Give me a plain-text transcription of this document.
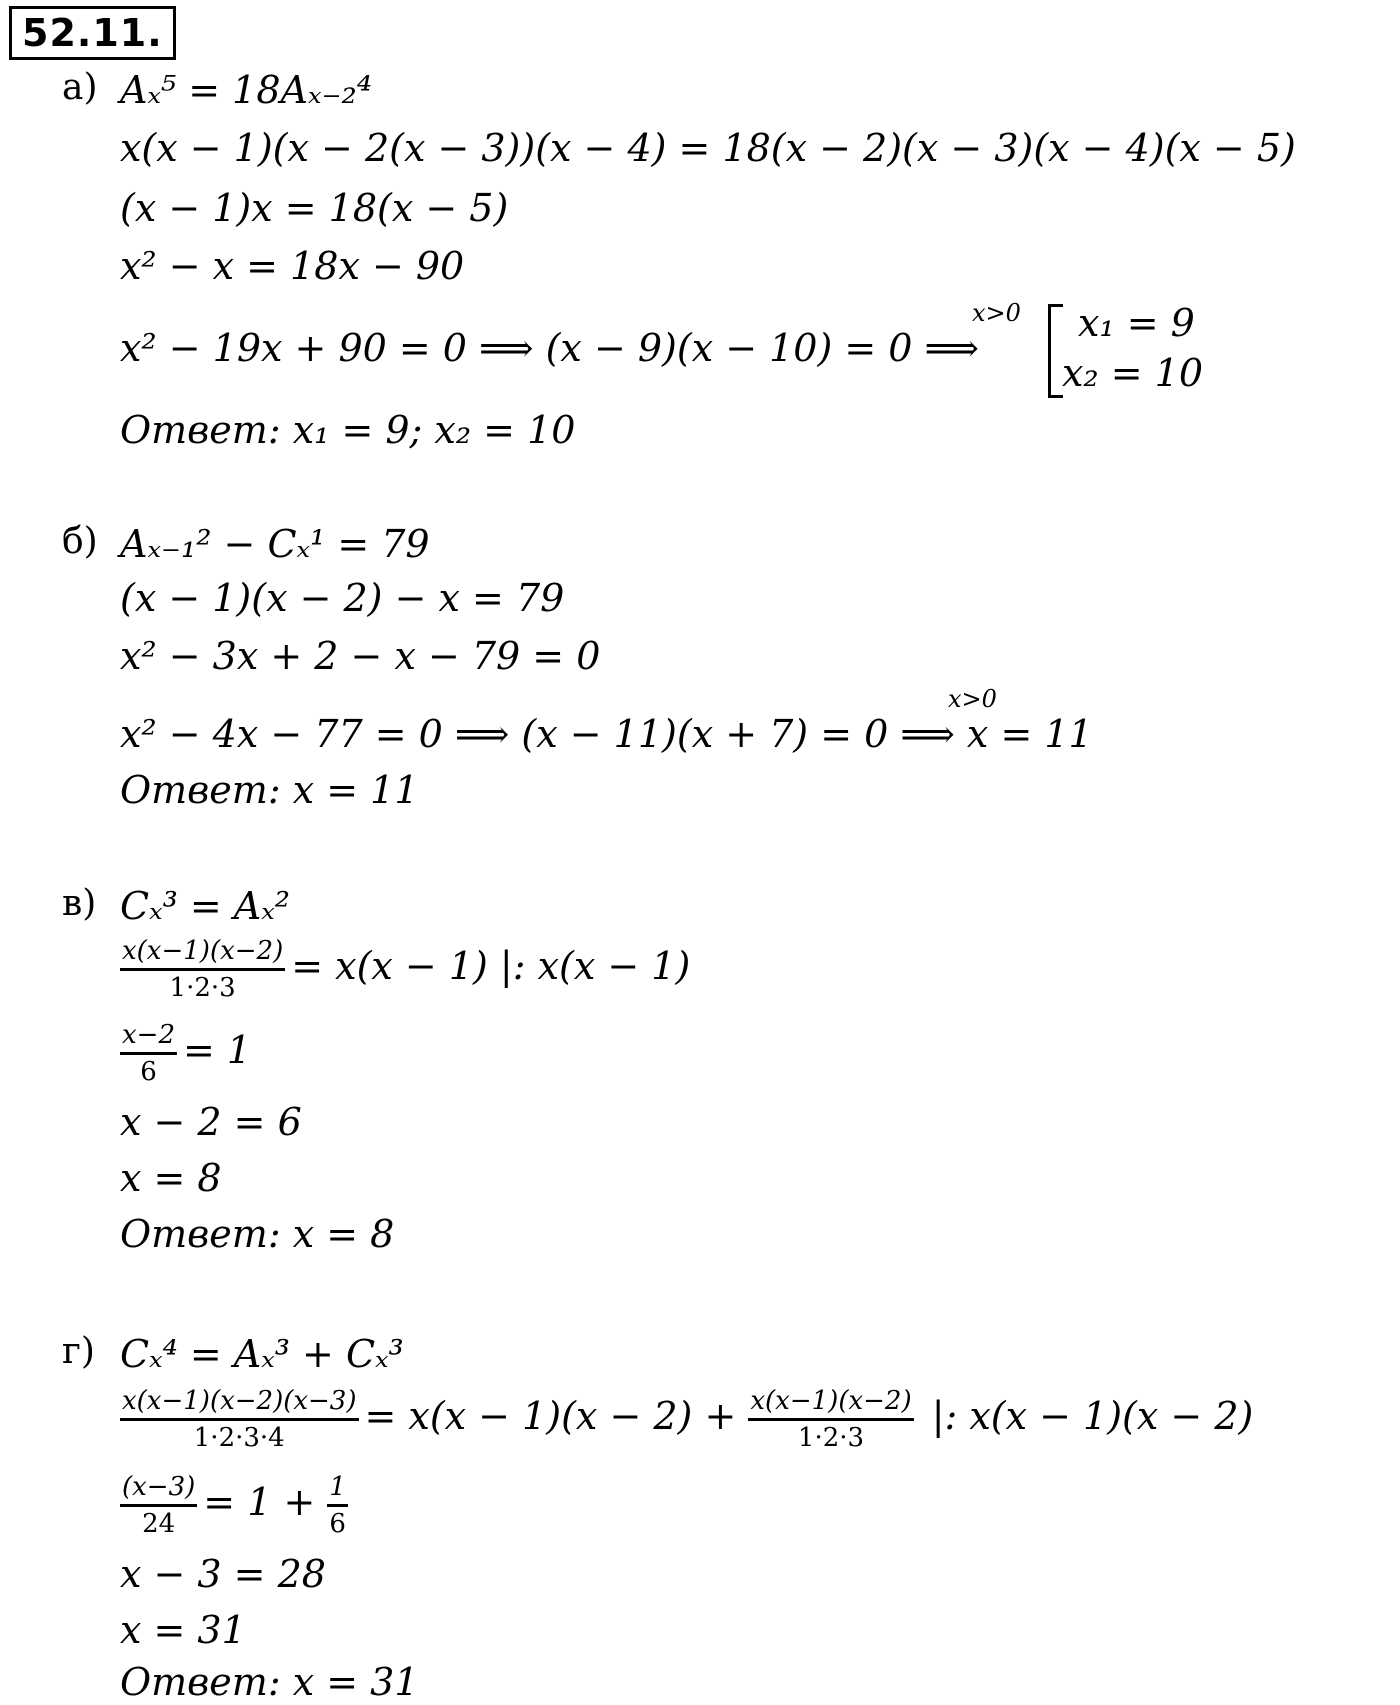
52.11.
а) Aₓ⁵ = 18Aₓ₋₂⁴
x(x − 1)(x − 2(x − 3))(x − 4) = 18(x − 2)(x − 3)(x − 4)(x − 5)
(x − 1)x = 18(x − 5)
x² − x = 18x − 90
x² − 19x + 90 = 0 ⟹ (x − 9)(x − 10) = 0 ⟹
x>0 x₁ = 9
x₂ = 10
Ответ: x₁ = 9; x₂ = 10
б) Aₓ₋₁² − Cₓ¹ = 79
(x − 1)(x − 2) − x = 79
x² − 3x + 2 − x − 79 = 0
x² − 4x − 77 = 0 ⟹ (x − 11)(x + 7) = 0 ⟹ x = 11
x>0
Ответ: x = 11
в) Cₓ³ = Aₓ²
$\frac{x(x-1)(x-2)}{1\cdot 2\cdot 3} = x(x - 1)$ |: x(x − 1)
$\frac{x-2}{6} = 1$
x − 2 = 6
x = 8
Ответ: x = 8
г) Cₓ⁴ = Aₓ³ + Cₓ³
$\frac{x(x-1)(x-2)(x-3)}{1\cdot 2\cdot 3\cdot 4} = x(x - 1)(x - 2) + \frac{x(x-1)(x-2)}{1\cdot 2\cdot 3}$ |: x(x − 1)(x − 2)
$\frac{(x-3)}{24} = 1 + \frac{1}{6}$
x − 3 = 28
x = 31
Ответ: x = 31
